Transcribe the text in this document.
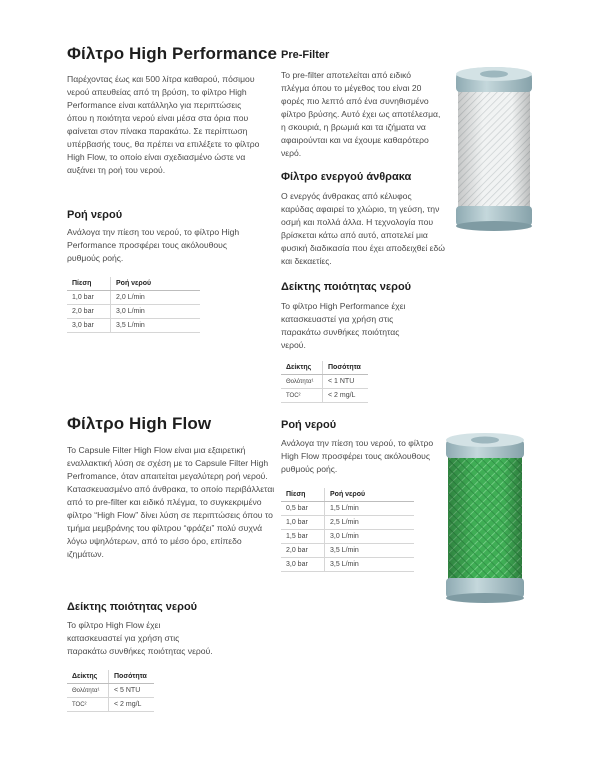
Φίλτρο High Performance

Παρέχοντας έως και 500 λίτρα καθαρού, πόσιμου νερού απευθείας από τη βρύση, το φίλτρο High Performance είναι κατάλληλο για περιπτώσεις όπου η ποιότητα νερού είναι μέσα στα όρια που φαίνεται στον πίνακα παρακάτω. Σε περίπτωση υπέρβασής τους, θα πρέπει να επιλέξετε το φίλτρο High Flow, το οποίο είναι σχεδιασμένο ώστε να αυξάνει τη ροή του νερού.

Ροή νερού

Ανάλογα την πίεση του νερού, το φίλτρο High Performance προσφέρει τους ακόλουθους ρυθμούς ροής.

Πίεση	Ροή νερού
1,0 bar	2,0 L/min
2,0 bar	3,0 L/min
3,0 bar	3,5 L/min
Pre-Filter

Το pre-filter αποτελείται από ειδικό πλέγμα όπου το μέγεθος του είναι 20 φορές πιο λεπτό από ένα συνηθισμένο φίλτρο βρύσης. Αυτό έχει ως αποτέλεσμα, η σκουριά, η βρωμιά και τα ιζήματα να αφαιρούνται και να έχουμε καθαρότερο νερό.

Φίλτρο ενεργού άνθρακα

Ο ενεργός άνθρακας από κέλυφος καρύδας αφαιρεί το χλώριο, τη γεύση, την οσμή και πολλά άλλα. Η τεχνολογία που βρίσκεται κάτω από αυτό, αποτελεί μια φυσική διαδικασία που έχει αποδειχθεί εδώ και δεκαετίες.

Δείκτης ποιότητας νερού

Το φίλτρο High Performance έχει κατασκευαστεί για χρήση στις παρακάτω συνθήκες ποιότητας νερού.

Δείκτης	Ποσότητα
Θολότητα¹	< 1 NTU
TOC²	< 2 mg/L
Φίλτρο High Flow

Το Capsule Filter High Flow είναι μια εξαιρετική εναλλακτική λύση σε σχέση με το Capsule Filter High Perfromance, όταν απαιτείται μεγαλύτερη ροή νερού. Κατασκευασμένο από άνθρακα, το οποίο περιβάλλεται από το pre-filter και ειδικό πλέγμα, το συγκεκριμένο φίλτρο “High Flow” δίνει λύση σε περιπτώσεις όπου το τμήμα μεμβράνης του φίλτρου “φράζει” πολύ συχνά λόγω υψηλότερων, από το μέσο όρο, επίπεδο ιζημάτων.

Δείκτης ποιότητας νερού

Το φίλτρο High Flow έχει κατασκευαστεί για χρήση στις παρακάτω συνθήκες ποιότητας νερού.

Δείκτης	Ποσότητα
Θολότητα¹	< 5 NTU
TOC²	< 2 mg/L
Ροή νερού

Ανάλογα την πίεση του νερού, το φίλτρο High Flow προσφέρει τους ακόλουθους ρυθμούς ροής.

Πίεση	Ροή νερού
0,5 bar	1,5 L/min
1,0 bar	2,5 L/min
1,5 bar	3,0 L/min
2,0 bar	3,5 L/min
3,0 bar	3,5 L/min
